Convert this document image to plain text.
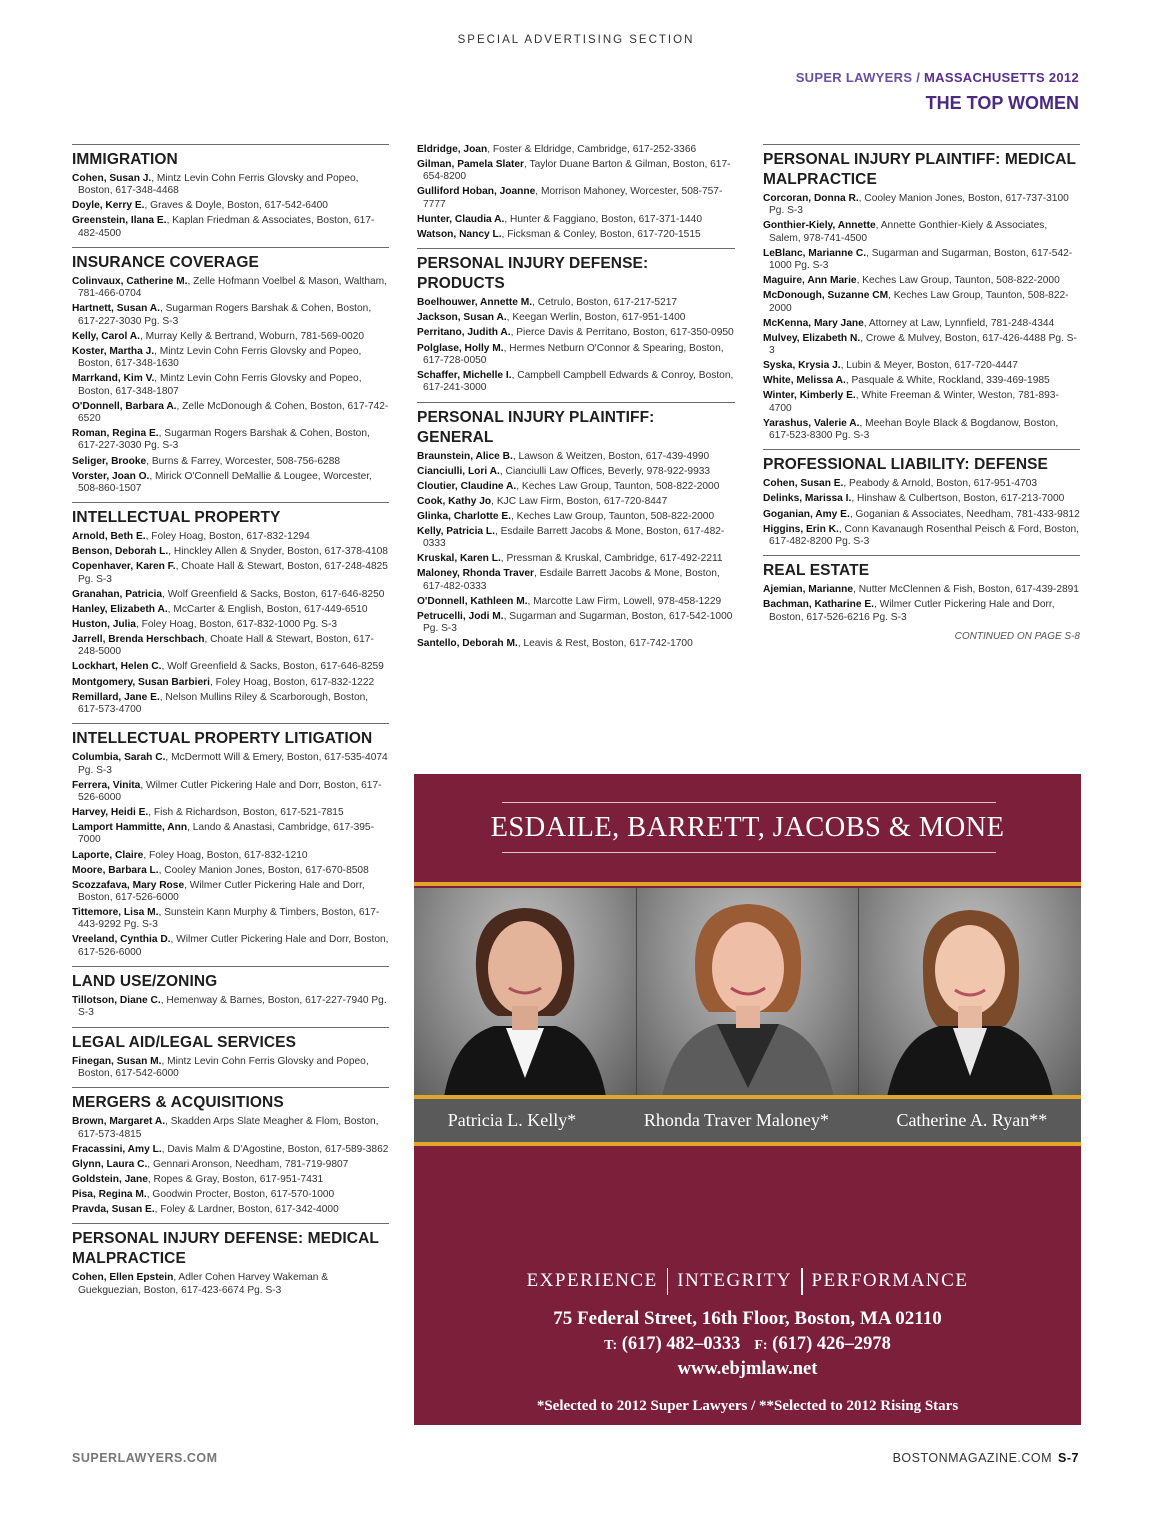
SPECIAL ADVERTISING SECTION
SUPER LAWYERS / MASSACHUSETTS 2012
THE TOP WOMEN
IMMIGRATION
Cohen, Susan J., Mintz Levin Cohn Ferris Glovsky and Popeo, Boston, 617-348-4468
Doyle, Kerry E., Graves & Doyle, Boston, 617-542-6400
Greenstein, Ilana E., Kaplan Friedman & Associates, Boston, 617-482-4500
INSURANCE COVERAGE
Colinvaux, Catherine M., Zelle Hofmann Voelbel & Mason, Waltham, 781-466-0704
Hartnett, Susan A., Sugarman Rogers Barshak & Cohen, Boston, 617-227-3030 Pg. S-3
Kelly, Carol A., Murray Kelly & Bertrand, Woburn, 781-569-0020
Koster, Martha J., Mintz Levin Cohn Ferris Glovsky and Popeo, Boston, 617-348-1630
Marrkand, Kim V., Mintz Levin Cohn Ferris Glovsky and Popeo, Boston, 617-348-1807
O'Donnell, Barbara A., Zelle McDonough & Cohen, Boston, 617-742-6520
Roman, Regina E., Sugarman Rogers Barshak & Cohen, Boston, 617-227-3030 Pg. S-3
Seliger, Brooke, Burns & Farrey, Worcester, 508-756-6288
Vorster, Joan O., Mirick O'Connell DeMallie & Lougee, Worcester, 508-860-1507
INTELLECTUAL PROPERTY
Arnold, Beth E., Foley Hoag, Boston, 617-832-1294
Benson, Deborah L., Hinckley Allen & Snyder, Boston, 617-378-4108
Copenhaver, Karen F., Choate Hall & Stewart, Boston, 617-248-4825 Pg. S-3
Granahan, Patricia, Wolf Greenfield & Sacks, Boston, 617-646-8250
Hanley, Elizabeth A., McCarter & English, Boston, 617-449-6510
Huston, Julia, Foley Hoag, Boston, 617-832-1000 Pg. S-3
Jarrell, Brenda Herschbach, Choate Hall & Stewart, Boston, 617-248-5000
Lockhart, Helen C., Wolf Greenfield & Sacks, Boston, 617-646-8259
Montgomery, Susan Barbieri, Foley Hoag, Boston, 617-832-1222
Remillard, Jane E., Nelson Mullins Riley & Scarborough, Boston, 617-573-4700
INTELLECTUAL PROPERTY LITIGATION
Columbia, Sarah C., McDermott Will & Emery, Boston, 617-535-4074 Pg. S-3
Ferrera, Vinita, Wilmer Cutler Pickering Hale and Dorr, Boston, 617-526-6000
Harvey, Heidi E., Fish & Richardson, Boston, 617-521-7815
Lamport Hammitte, Ann, Lando & Anastasi, Cambridge, 617-395-7000
Laporte, Claire, Foley Hoag, Boston, 617-832-1210
Moore, Barbara L., Cooley Manion Jones, Boston, 617-670-8508
Scozzafava, Mary Rose, Wilmer Cutler Pickering Hale and Dorr, Boston, 617-526-6000
Tittemore, Lisa M., Sunstein Kann Murphy & Timbers, Boston, 617-443-9292 Pg. S-3
Vreeland, Cynthia D., Wilmer Cutler Pickering Hale and Dorr, Boston, 617-526-6000
LAND USE/ZONING
Tillotson, Diane C., Hemenway & Barnes, Boston, 617-227-7940 Pg. S-3
LEGAL AID/LEGAL SERVICES
Finegan, Susan M., Mintz Levin Cohn Ferris Glovsky and Popeo, Boston, 617-542-6000
MERGERS & ACQUISITIONS
Brown, Margaret A., Skadden Arps Slate Meagher & Flom, Boston, 617-573-4815
Fracassini, Amy L., Davis Malm & D'Agostine, Boston, 617-589-3862
Glynn, Laura C., Gennari Aronson, Needham, 781-719-9807
Goldstein, Jane, Ropes & Gray, Boston, 617-951-7431
Pisa, Regina M., Goodwin Procter, Boston, 617-570-1000
Pravda, Susan E., Foley & Lardner, Boston, 617-342-4000
PERSONAL INJURY DEFENSE: MEDICAL MALPRACTICE
Cohen, Ellen Epstein, Adler Cohen Harvey Wakeman & Guekguezian, Boston, 617-423-6674 Pg. S-3
Eldridge, Joan, Foster & Eldridge, Cambridge, 617-252-3366
Gilman, Pamela Slater, Taylor Duane Barton & Gilman, Boston, 617-654-8200
Gulliford Hoban, Joanne, Morrison Mahoney, Worcester, 508-757-7777
Hunter, Claudia A., Hunter & Faggiano, Boston, 617-371-1440
Watson, Nancy L., Ficksman & Conley, Boston, 617-720-1515
PERSONAL INJURY DEFENSE: PRODUCTS
Boelhouwer, Annette M., Cetrulo, Boston, 617-217-5217
Jackson, Susan A., Keegan Werlin, Boston, 617-951-1400
Perritano, Judith A., Pierce Davis & Perritano, Boston, 617-350-0950
Polglase, Holly M., Hermes Netburn O'Connor & Spearing, Boston, 617-728-0050
Schaffer, Michelle I., Campbell Campbell Edwards & Conroy, Boston, 617-241-3000
PERSONAL INJURY PLAINTIFF: GENERAL
Braunstein, Alice B., Lawson & Weitzen, Boston, 617-439-4990
Cianciulli, Lori A., Cianciulli Law Offices, Beverly, 978-922-9933
Cloutier, Claudine A., Keches Law Group, Taunton, 508-822-2000
Cook, Kathy Jo, KJC Law Firm, Boston, 617-720-8447
Glinka, Charlotte E., Keches Law Group, Taunton, 508-822-2000
Kelly, Patricia L., Esdaile Barrett Jacobs & Mone, Boston, 617-482-0333
Kruskal, Karen L., Pressman & Kruskal, Cambridge, 617-492-2211
Maloney, Rhonda Traver, Esdaile Barrett Jacobs & Mone, Boston, 617-482-0333
O'Donnell, Kathleen M., Marcotte Law Firm, Lowell, 978-458-1229
Petrucelli, Jodi M., Sugarman and Sugarman, Boston, 617-542-1000 Pg. S-3
Santello, Deborah M., Leavis & Rest, Boston, 617-742-1700
PERSONAL INJURY PLAINTIFF: MEDICAL MALPRACTICE
Corcoran, Donna R., Cooley Manion Jones, Boston, 617-737-3100 Pg. S-3
Gonthier-Kiely, Annette, Annette Gonthier-Kiely & Associates, Salem, 978-741-4500
LeBlanc, Marianne C., Sugarman and Sugarman, Boston, 617-542-1000 Pg. S-3
Maguire, Ann Marie, Keches Law Group, Taunton, 508-822-2000
McDonough, Suzanne CM, Keches Law Group, Taunton, 508-822-2000
McKenna, Mary Jane, Attorney at Law, Lynnfield, 781-248-4344
Mulvey, Elizabeth N., Crowe & Mulvey, Boston, 617-426-4488 Pg. S-3
Syska, Krysia J., Lubin & Meyer, Boston, 617-720-4447
White, Melissa A., Pasquale & White, Rockland, 339-469-1985
Winter, Kimberly E., White Freeman & Winter, Weston, 781-893-4700
Yarashus, Valerie A., Meehan Boyle Black & Bogdanow, Boston, 617-523-8300 Pg. S-3
PROFESSIONAL LIABILITY: DEFENSE
Cohen, Susan E., Peabody & Arnold, Boston, 617-951-4703
Delinks, Marissa I., Hinshaw & Culbertson, Boston, 617-213-7000
Goganian, Amy E., Goganian & Associates, Needham, 781-433-9812
Higgins, Erin K., Conn Kavanaugh Rosenthal Peisch & Ford, Boston, 617-482-8200 Pg. S-3
REAL ESTATE
Ajemian, Marianne, Nutter McClennen & Fish, Boston, 617-439-2891
Bachman, Katharine E., Wilmer Cutler Pickering Hale and Dorr, Boston, 617-526-6216 Pg. S-3
CONTINUED ON PAGE S-8
ESDAILE, BARRETT, JACOBS & MONE
Patricia L. Kelly*	Rhonda Traver Maloney*	Catherine A. Ryan**
EXPERIENCE INTEGRITY PERFORMANCE
75 Federal Street, 16th Floor, Boston, MA 02110
T: (617) 482–0333 F: (617) 426–2978
www.ebjmlaw.net
*Selected to 2012 Super Lawyers / **Selected to 2012 Rising Stars
SUPERLAWYERS.COM	BOSTONMAGAZINE.COM S-7
